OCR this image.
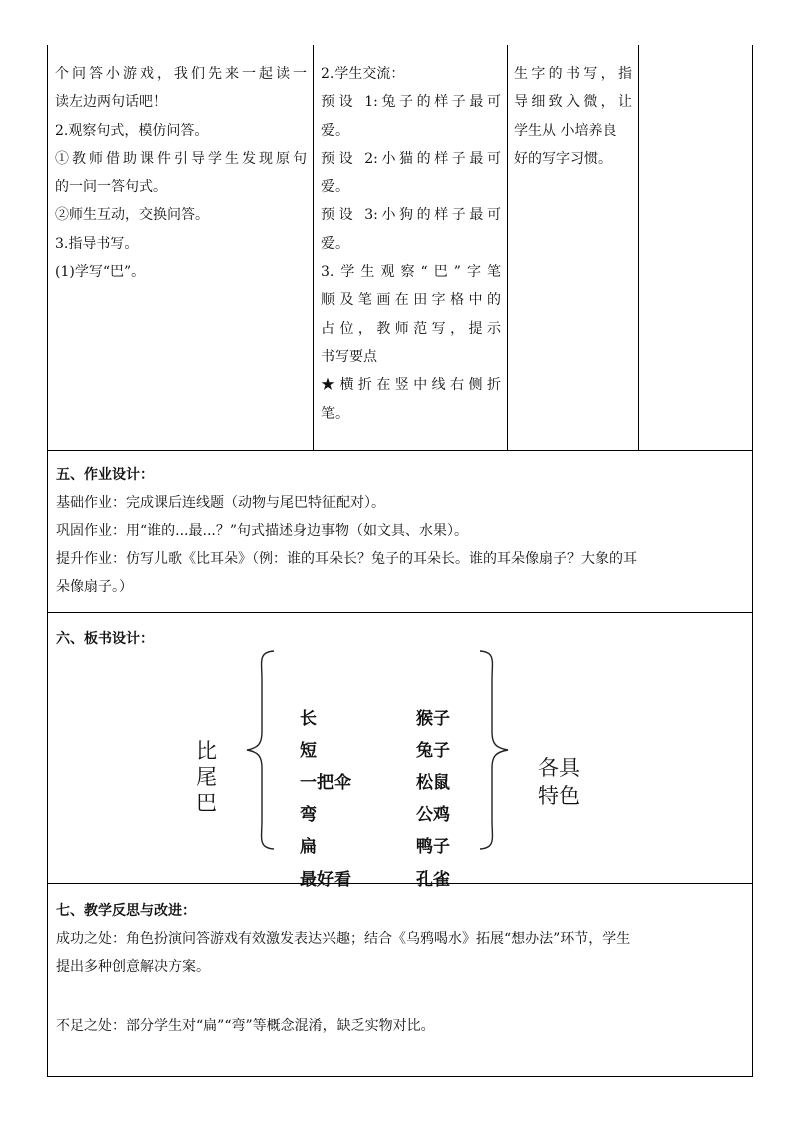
个问答小游戏，我们先来一起读一

读左边两句话吧！

2.观察句式，模仿问答。

①教师借助课件引导学生发现原句

的一问一答句式。

②师生互动，交换问答。

3.指导书写。

(1)学写“巴”。

2.学生交流：

预设 1:兔子的样子最可

爱。

预设 2:小猫的样子最可

爱。

预设 3:小狗的样子最可

爱。

3.学生观察“巴”字笔

顺及笔画在田字格中的

占位，教师范写，提示

书写要点

★横折在竖中线右侧折

笔。

生字的书写，指

导细致入微，让

学生从 小培养良

好的写字习惯。

五、作业设计：

基础作业：完成课后连线题（动物与尾巴特征配对）。

巩固作业：用“谁的...最...？”句式描述身边事物（如文具、水果）。

提升作业：仿写儿歌《比耳朵》（例：谁的耳朵长？兔子的耳朵长。谁的耳朵像扇子？大象的耳

朵像扇子。）

六、板书设计：

比
尾
巴
长
短
一把伞
弯
扁
最好看
猴子
兔子
松鼠
公鸡
鸭子
孔雀
各具
特色

七、教学反思与改进：

成功之处：角色扮演问答游戏有效激发表达兴趣；结合《乌鸦喝水》拓展“想办法”环节，学生

提出多种创意解决方案。

不足之处：部分学生对“扁”“弯”等概念混淆，缺乏实物对比。
